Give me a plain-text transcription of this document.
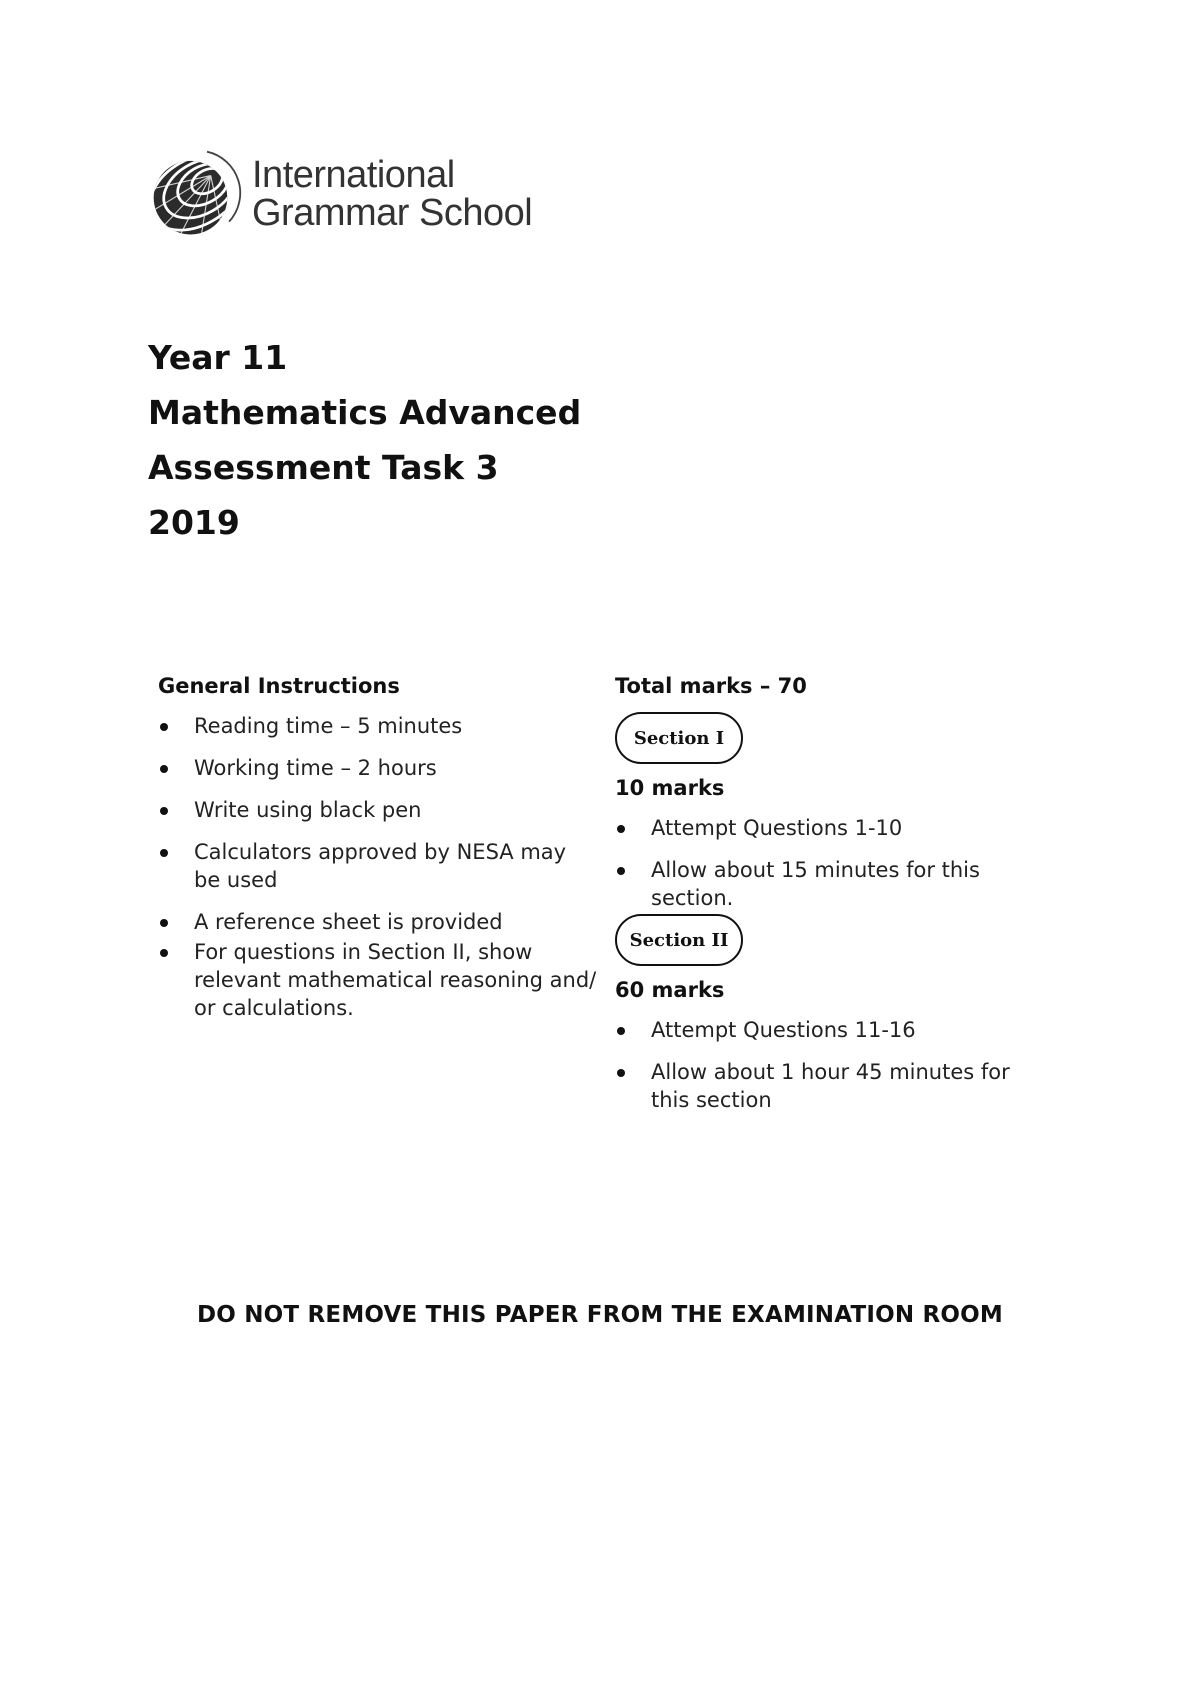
International
Grammar School
Year 11
Mathematics Advanced
Assessment Task 3
2019
General Instructions
Reading time – 5 minutes
Working time – 2 hours
Write using black pen
Calculators approved by NESA may be used
A reference sheet is provided
For questions in Section II, show relevant mathematical reasoning and/ or calculations.
Total marks – 70
Section I
10 marks
Attempt Questions 1-10
Allow about 15 minutes for this section.
Section II
60 marks
Attempt Questions 11-16
Allow about 1 hour 45 minutes for this section
DO NOT REMOVE THIS PAPER FROM THE EXAMINATION ROOM
